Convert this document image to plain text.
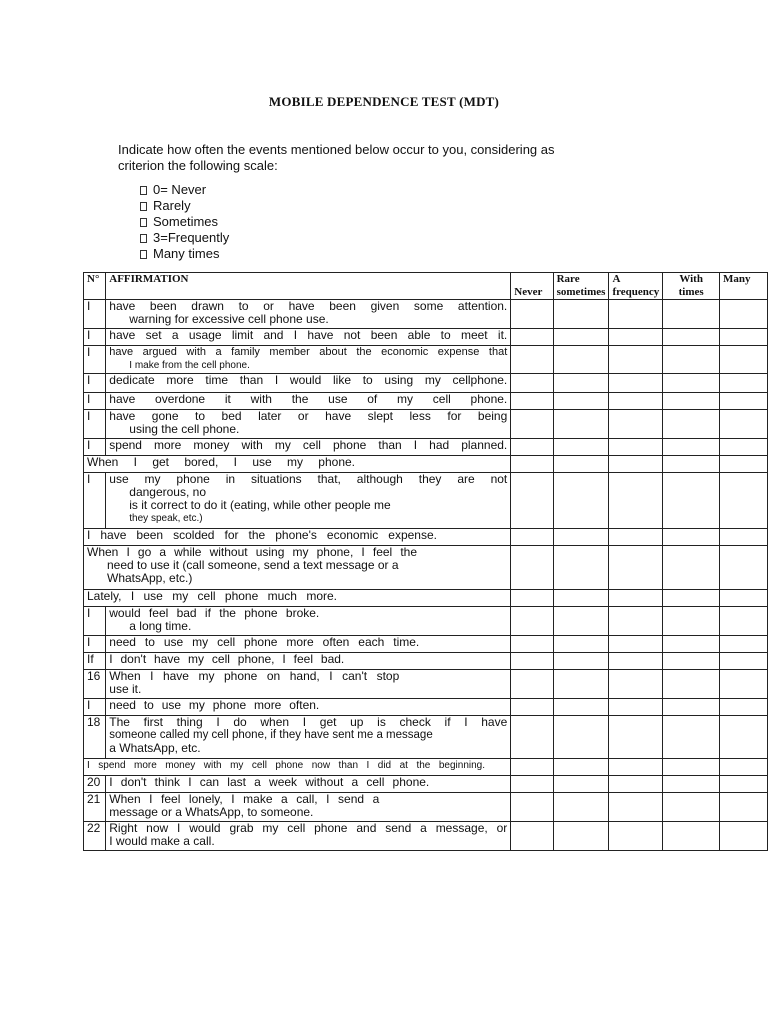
MOBILE DEPENDENCE TEST (MDT)
Indicate how often the events mentioned below occur to you, considering as criterion the following scale:
0= Never
Rarely
Sometimes
3=Frequently
Many times
N°	AFFIRMATION	Never	Rare sometimes	A frequency	With times	Many
I	have been drawn to or have been given some attention.
warning for excessive cell phone use.					

I	have set a usage limit and I have not been able to meet it.					

I	have argued with a family member about the economic expense that
I make from the cell phone.					

I	dedicate more time than I would like to using my cellphone.					

I	have overdone it with the use of my cell phone.					

I	have gone to bed later or have slept less for being
using the cell phone.					

I	spend more money with my cell phone than I had planned.					

When I get bored, I use my phone.						

I	use my phone in situations that, although they are not
dangerous, no
is it correct to do it (eating, while other people me
they speak, etc.)					

I have been scolded for the phone's economic expense.						

When I go a while without using my phone, I feel the
need to use it (call someone, send a text message or a
WhatsApp, etc.)						

Lately, I use my cell phone much more.						

I	would feel bad if the phone broke.
a long time.					

I	need to use my cell phone more often each time.					

If	I don't have my cell phone, I feel bad.					

16	When I have my phone on hand, I can't stop
use it.					

I	need to use my phone more often.					

18	The first thing I do when I get up is check if I have
someone called my cell phone, if they have sent me a message
a WhatsApp, etc.					

I spend more money with my cell phone now than I did at the beginning.						

20	I don't think I can last a week without a cell phone.					

21	When I feel lonely, I make a call, I send a
message or a WhatsApp, to someone.					

22	Right now I would grab my cell phone and send a message, or
I would make a call.					
